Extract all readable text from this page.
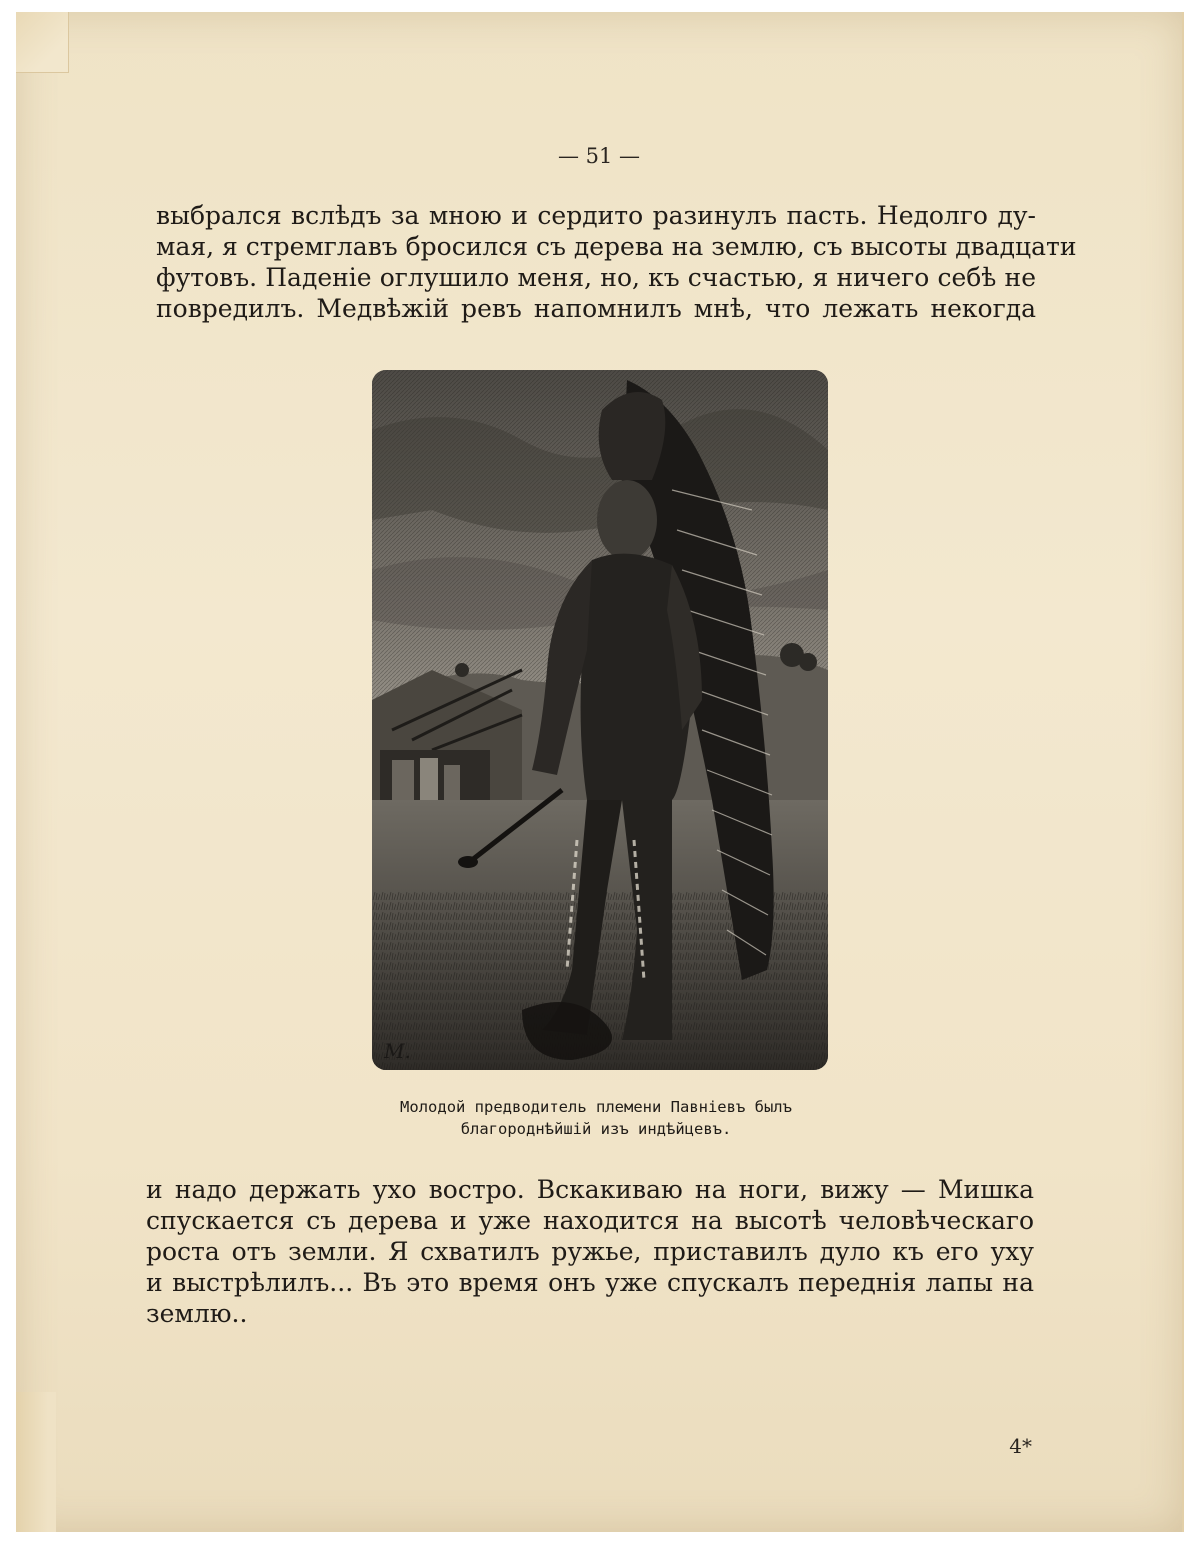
— 51 —
выбрался вслѣдъ за мною и сердито разинулъ пасть. Недолго ду-
мая, я стремглавъ бросился съ дерева на землю, съ высоты двадцати
футовъ. Паденіе оглушило меня, но, къ счастью, я ничего себѣ не
повредилъ. Медвѣжій ревъ напомнилъ мнѣ, что лежать некогда
M.
Молодой предводитель племени Павніевъ былъ
благороднѣйшій изъ индѣйцевъ.
и надо держать ухо востро. Вскакиваю на ноги, вижу — Мишка
спускается съ дерева и уже находится на высотѣ человѣческаго
роста отъ земли. Я схватилъ ружье, приставилъ дуло къ его уху
и выстрѣлилъ... Въ это время онъ уже спускалъ переднія лапы на
землю..
4*
